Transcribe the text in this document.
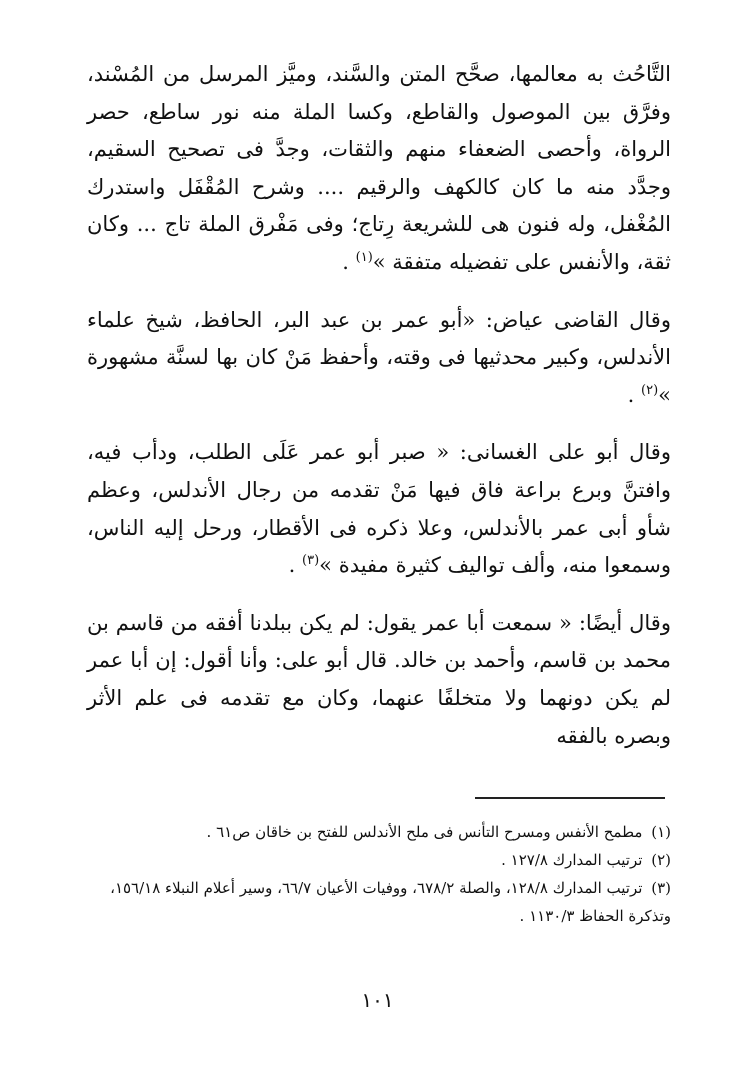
التَّاحُث به معالمها، صحَّح المتن والسَّند، وميَّز المرسل من المُسْند، وفرَّق بين الموصول والقاطع، وكسا الملة منه نور ساطع، حصر الرواة، وأحصى الضعفاء منهم والثقات، وجدَّ فى تصحيح السقيم، وجدَّد منه ما كان كالكهف والرقيم .... وشرح المُقْفَل واستدرك المُغْفل، وله فنون هى للشريعة رِتاج؛ وفى مَفْرق الملة تاج ... وكان ثقة، والأنفس على تفضيله متفقة »$^{(١)}$ .

وقال القاضى عياض: «أبو عمر بن عبد البر، الحافظ، شيخ علماء الأندلس، وكبير محدثيها فى وقته، وأحفظ مَنْ كان بها لسنَّة مشهورة »$^{(٢)}$ .

وقال أبو على الغسانى: « صبر أبو عمر عَلَى الطلب، ودأب فيه، وافتنَّ وبرع براعة فاق فيها مَنْ تقدمه من رجال الأندلس، وعظم شأو أبى عمر بالأندلس، وعلا ذكره فى الأقطار، ورحل إليه الناس، وسمعوا منه، وألف تواليف كثيرة مفيدة »$^{(٣)}$ .

وقال أيضًا: « سمعت أبا عمر يقول: لم يكن ببلدنا أفقه من قاسم بن محمد بن قاسم، وأحمد بن خالد. قال أبو على: وأنا أقول: إن أبا عمر لم يكن دونهما ولا متخلفًا عنهما، وكان مع تقدمه فى علم الأثر وبصره بالفقه

(١) مطمح الأنفس ومسرح التأنس فى ملح الأندلس للفتح بن خاقان ص٦١ .

(٢) ترتيب المدارك ١٢٧/٨ .

(٣) ترتيب المدارك ١٢٨/٨، والصلة ٦٧٨/٢، ووفيات الأعيان ٦٦/٧، وسير أعلام النبلاء ١٥٦/١٨، وتذكرة الحفاظ ١١٣٠/٣ .

١٠١
